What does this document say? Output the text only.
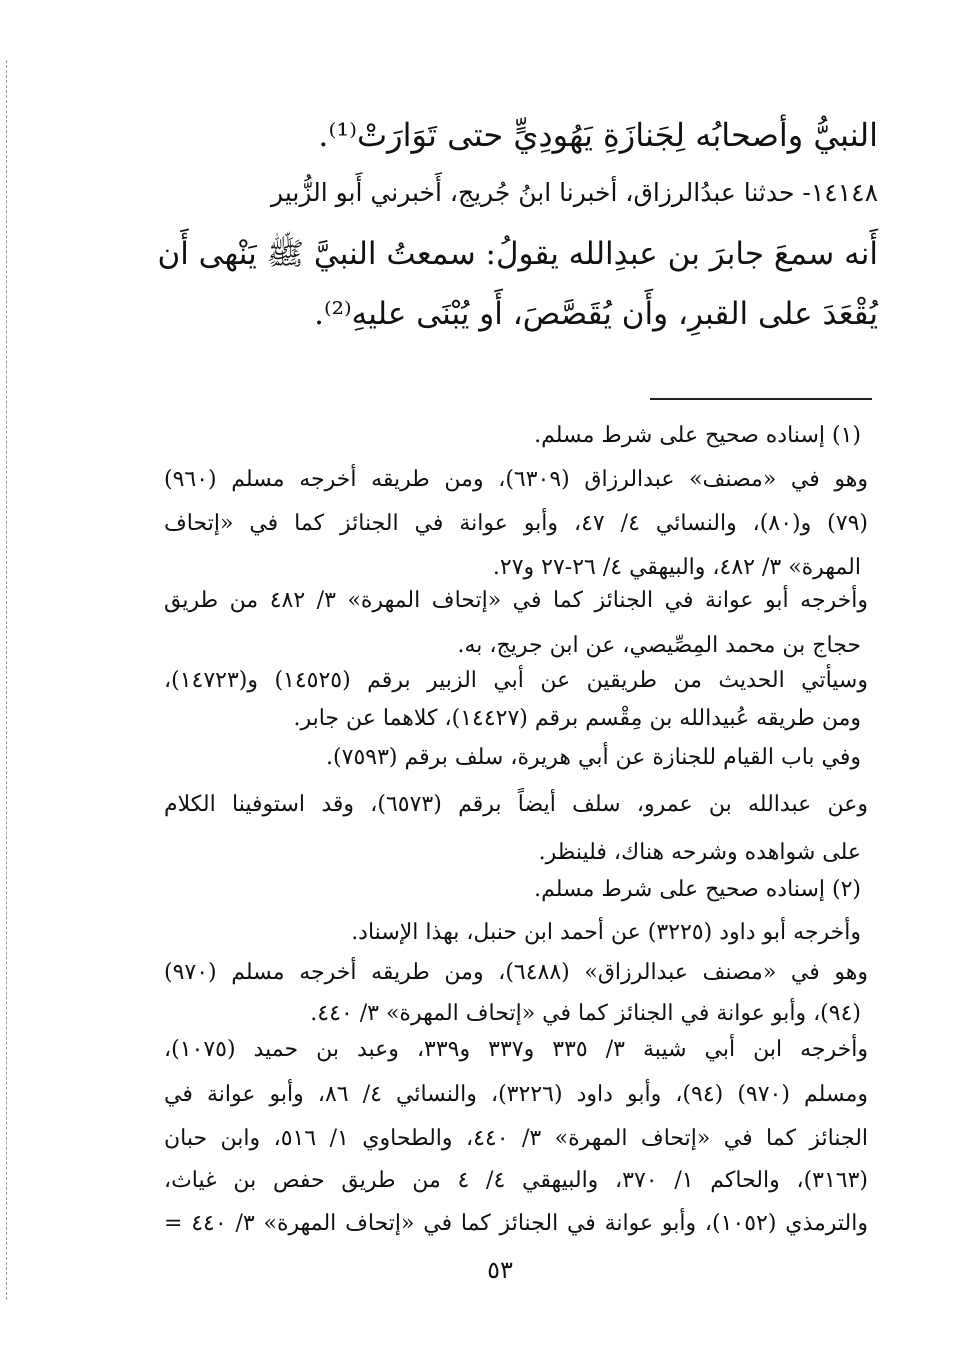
النبيُّ وأصحابُه لِجَنازَةِ يَهُودِيٍّ حتى تَوَارَتْ⁽¹⁾.
١٤١٤٨- حدثنا عبدُالرزاق، أخبرنا ابنُ جُريج، أَخبرني أَبو الزُّبير
أَنه سمعَ جابرَ بن عبدِالله يقولُ: سمعتُ النبيَّ ﷺ يَنْهى أَن
يُقْعَدَ على القبرِ، وأَن يُقَصَّصَ، أَو يُبْنَى عليهِ⁽²⁾.
(١) إسناده صحيح على شرط مسلم.
وهو في «مصنف» عبدالرزاق (٦٣٠٩)، ومن طريقه أخرجه مسلم (٩٦٠)
(٧٩) و(٨٠)، والنسائي ٤/ ٤٧، وأبو عوانة في الجنائز كما في «إتحاف
المهرة» ٣/ ٤٨٢، والبيهقي ٤/ ٢٦-٢٧ و٢٧.
وأخرجه أبو عوانة في الجنائز كما في «إتحاف المهرة» ٣/ ٤٨٢ من طريق
حجاج بن محمد المِصِّيصي، عن ابن جريج، به.
وسيأتي الحديث من طريقين عن أبي الزبير برقم (١٤٥٢٥) و(١٤٧٢٣)،
ومن طريقه عُبيدالله بن مِقْسم برقم (١٤٤٢٧)، كلاهما عن جابر.
وفي باب القيام للجنازة عن أبي هريرة، سلف برقم (٧٥٩٣).
وعن عبدالله بن عمرو، سلف أيضاً برقم (٦٥٧٣)، وقد استوفينا الكلام
على شواهده وشرحه هناك، فلينظر.
(٢) إسناده صحيح على شرط مسلم.
وأخرجه أبو داود (٣٢٢٥) عن أحمد ابن حنبل، بهذا الإسناد.
وهو في «مصنف عبدالرزاق» (٦٤٨٨)، ومن طريقه أخرجه مسلم (٩٧٠)
(٩٤)، وأبو عوانة في الجنائز كما في «إتحاف المهرة» ٣/ ٤٤٠.
وأخرجه ابن أبي شيبة ٣/ ٣٣٥ و٣٣٧ و٣٣٩، وعبد بن حميد (١٠٧٥)،
ومسلم (٩٧٠) (٩٤)، وأبو داود (٣٢٢٦)، والنسائي ٤/ ٨٦، وأبو عوانة في
الجنائز كما في «إتحاف المهرة» ٣/ ٤٤٠، والطحاوي ١/ ٥١٦، وابن حبان
(٣١٦٣)، والحاكم ١/ ٣٧٠، والبيهقي ٤/ ٤ من طريق حفص بن غياث،
والترمذي (١٠٥٢)، وأبو عوانة في الجنائز كما في «إتحاف المهرة» ٣/ ٤٤٠ =
٥٣
